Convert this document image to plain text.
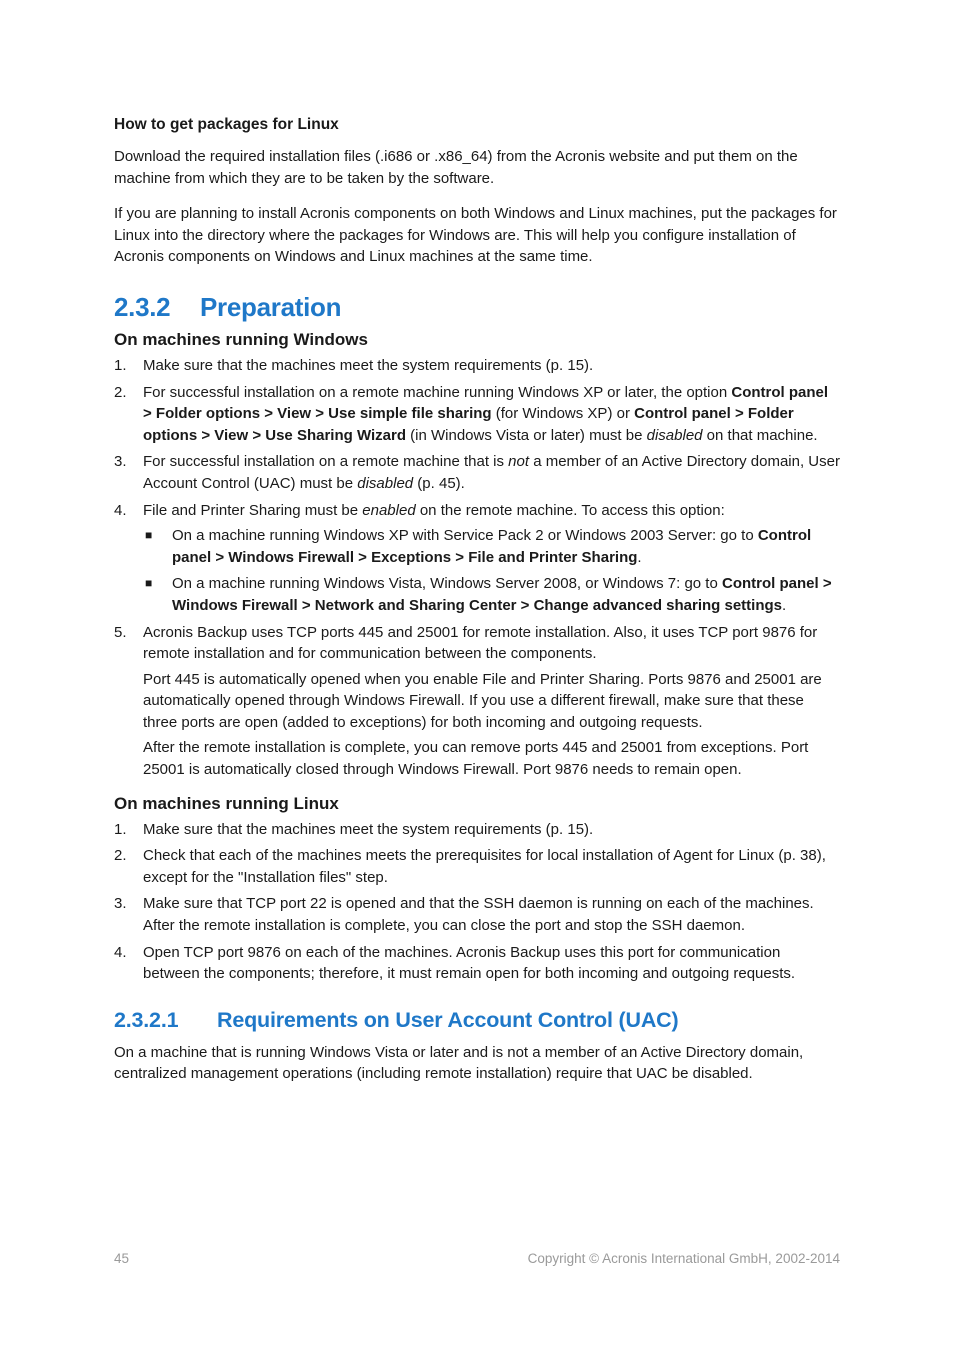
How to get packages for Linux

Download the required installation files (.i686 or .x86_64) from the Acronis website and put them on the machine from which they are to be taken by the software.

If you are planning to install Acronis components on both Windows and Linux machines, put the packages for Linux into the directory where the packages for Windows are. This will help you configure installation of Acronis components on Windows and Linux machines at the same time.

2.3.2 Preparation
On machines running Windows
1. Make sure that the machines meet the system requirements (p. 15).
2. For successful installation on a remote machine running Windows XP or later, the option Control panel > Folder options > View > Use simple file sharing (for Windows XP) or Control panel > Folder options > View > Use Sharing Wizard (in Windows Vista or later) must be disabled on that machine.
3. For successful installation on a remote machine that is not a member of an Active Directory domain, User Account Control (UAC) must be disabled (p. 45).
4. File and Printer Sharing must be enabled on the remote machine. To access this option:
■ On a machine running Windows XP with Service Pack 2 or Windows 2003 Server: go to Control panel > Windows Firewall > Exceptions > File and Printer Sharing.
■ On a machine running Windows Vista, Windows Server 2008, or Windows 7: go to Control panel > Windows Firewall > Network and Sharing Center > Change advanced sharing settings.
5. Acronis Backup uses TCP ports 445 and 25001 for remote installation. Also, it uses TCP port 9876 for remote installation and for communication between the components.

Port 445 is automatically opened when you enable File and Printer Sharing. Ports 9876 and 25001 are automatically opened through Windows Firewall. If you use a different firewall, make sure that these three ports are open (added to exceptions) for both incoming and outgoing requests.

After the remote installation is complete, you can remove ports 445 and 25001 from exceptions. Port 25001 is automatically closed through Windows Firewall. Port 9876 needs to remain open.

On machines running Linux
1. Make sure that the machines meet the system requirements (p. 15).
2. Check that each of the machines meets the prerequisites for local installation of Agent for Linux (p. 38), except for the "Installation files" step.
3. Make sure that TCP port 22 is opened and that the SSH daemon is running on each of the machines. After the remote installation is complete, you can close the port and stop the SSH daemon.
4. Open TCP port 9876 on each of the machines. Acronis Backup uses this port for communication between the components; therefore, it must remain open for both incoming and outgoing requests.
2.3.2.1 Requirements on User Account Control (UAC)

On a machine that is running Windows Vista or later and is not a member of an Active Directory domain, centralized management operations (including remote installation) require that UAC be disabled.

45	Copyright © Acronis International GmbH, 2002-2014
